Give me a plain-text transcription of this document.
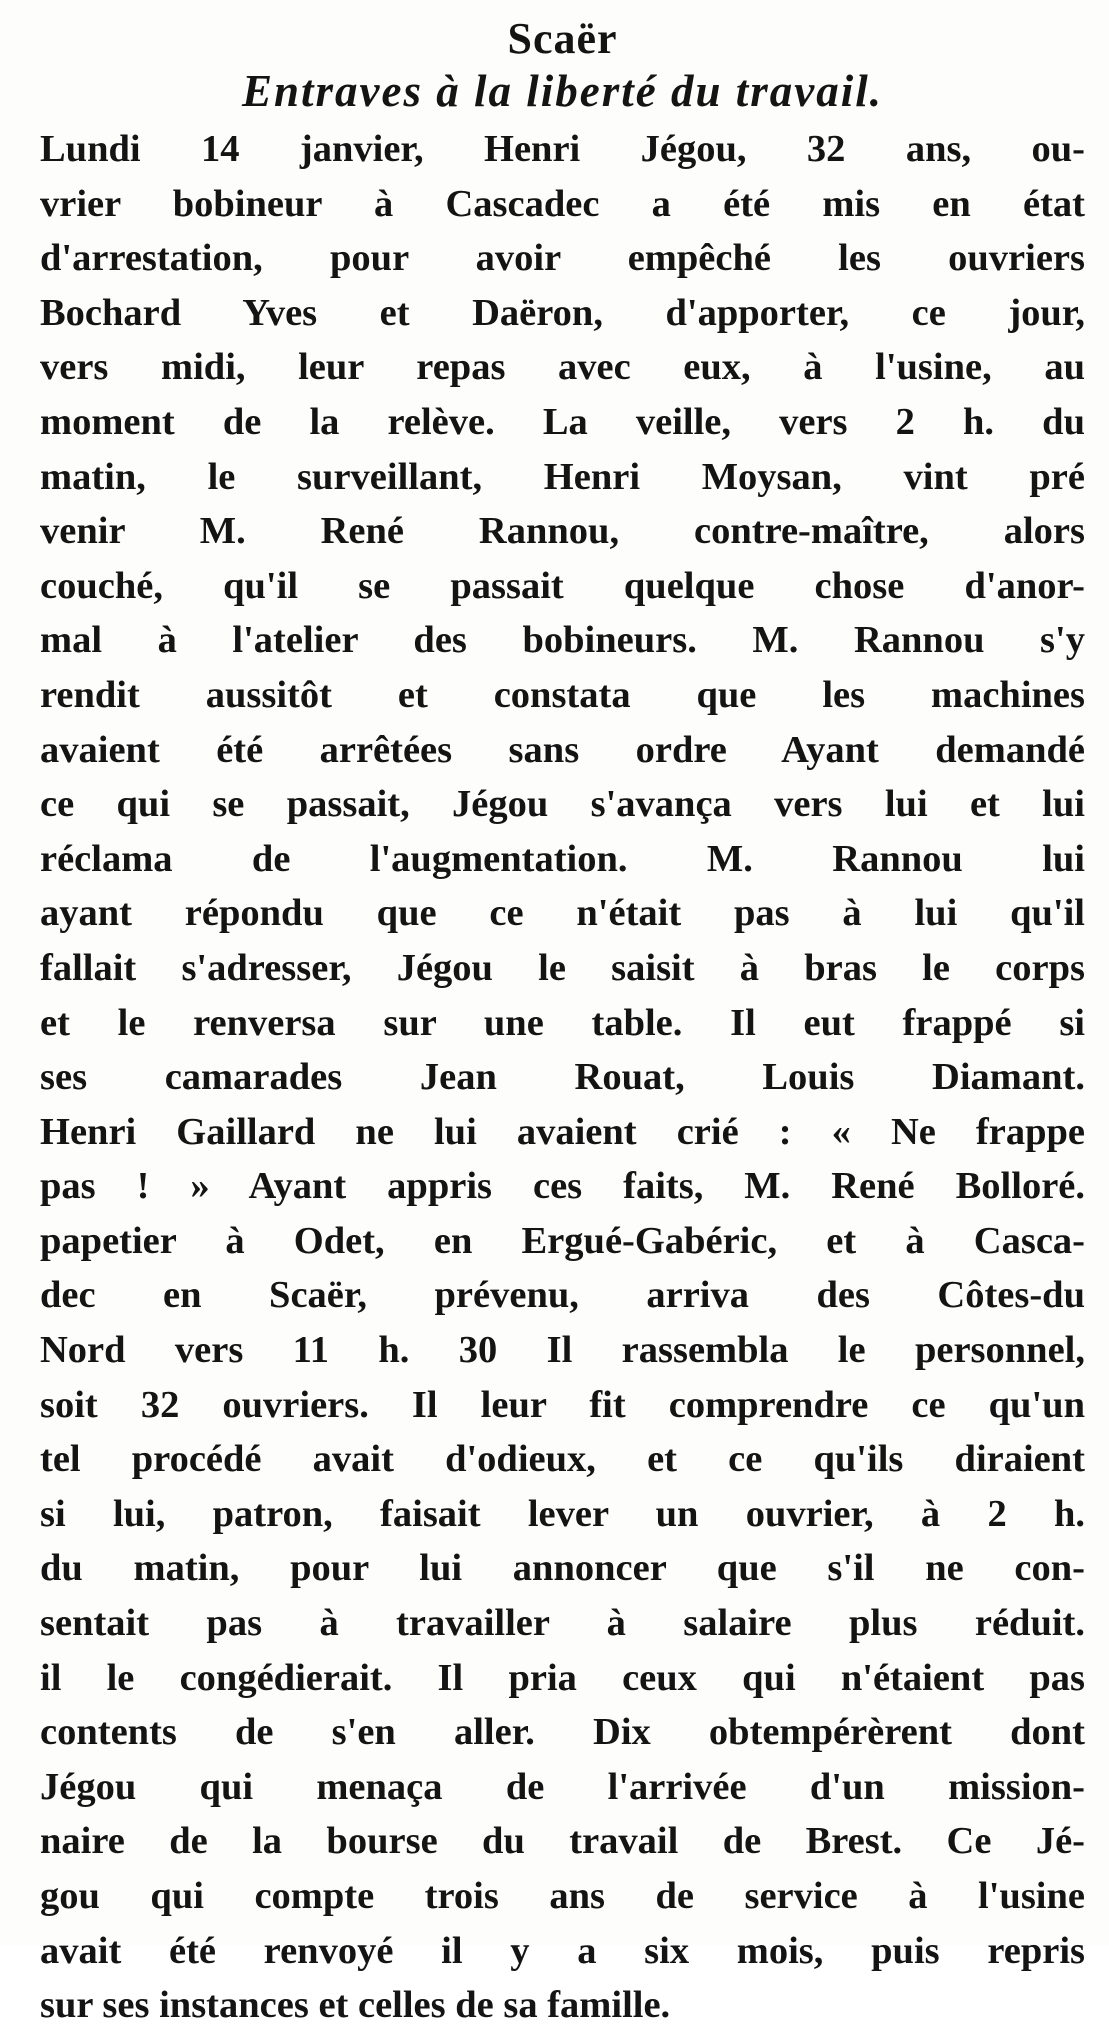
Scaër
Entraves à la liberté du travail.
Lundi 14 janvier, Henri Jégou, 32 ans, ou-
vrier bobineur à Cascadec a été mis en état
d'arrestation, pour avoir empêché les ouvriers
Bochard Yves et Daëron, d'apporter, ce jour,
vers midi, leur repas avec eux, à l'usine, au
moment de la relève. La veille, vers 2 h. du
matin, le surveillant, Henri Moysan, vint pré
venir M. René Rannou, contre-maître, alors
couché, qu'il se passait quelque chose d'anor-
mal à l'atelier des bobineurs. M. Rannou s'y
rendit aussitôt et constata que les machines
avaient été arrêtées sans ordre Ayant demandé
ce qui se passait, Jégou s'avança vers lui et lui
réclama de l'augmentation. M. Rannou lui
ayant répondu que ce n'était pas à lui qu'il
fallait s'adresser, Jégou le saisit à bras le corps
et le renversa sur une table. Il eut frappé si
ses camarades Jean Rouat, Louis Diamant.
Henri Gaillard ne lui avaient crié : « Ne frappe
pas ! » Ayant appris ces faits, M. René Bolloré.
papetier à Odet, en Ergué-Gabéric, et à Casca-
dec en Scaër, prévenu, arriva des Côtes-du
Nord vers 11 h. 30 Il rassembla le personnel,
soit 32 ouvriers. Il leur fit comprendre ce qu'un
tel procédé avait d'odieux, et ce qu'ils diraient
si lui, patron, faisait lever un ouvrier, à 2 h.
du matin, pour lui annoncer que s'il ne con-
sentait pas à travailler à salaire plus réduit.
il le congédierait. Il pria ceux qui n'étaient pas
contents de s'en aller. Dix obtempérèrent dont
Jégou qui menaça de l'arrivée d'un mission-
naire de la bourse du travail de Brest. Ce Jé-
gou qui compte trois ans de service à l'usine
avait été renvoyé il y a six mois, puis repris
sur ses instances et celles de sa famille.
